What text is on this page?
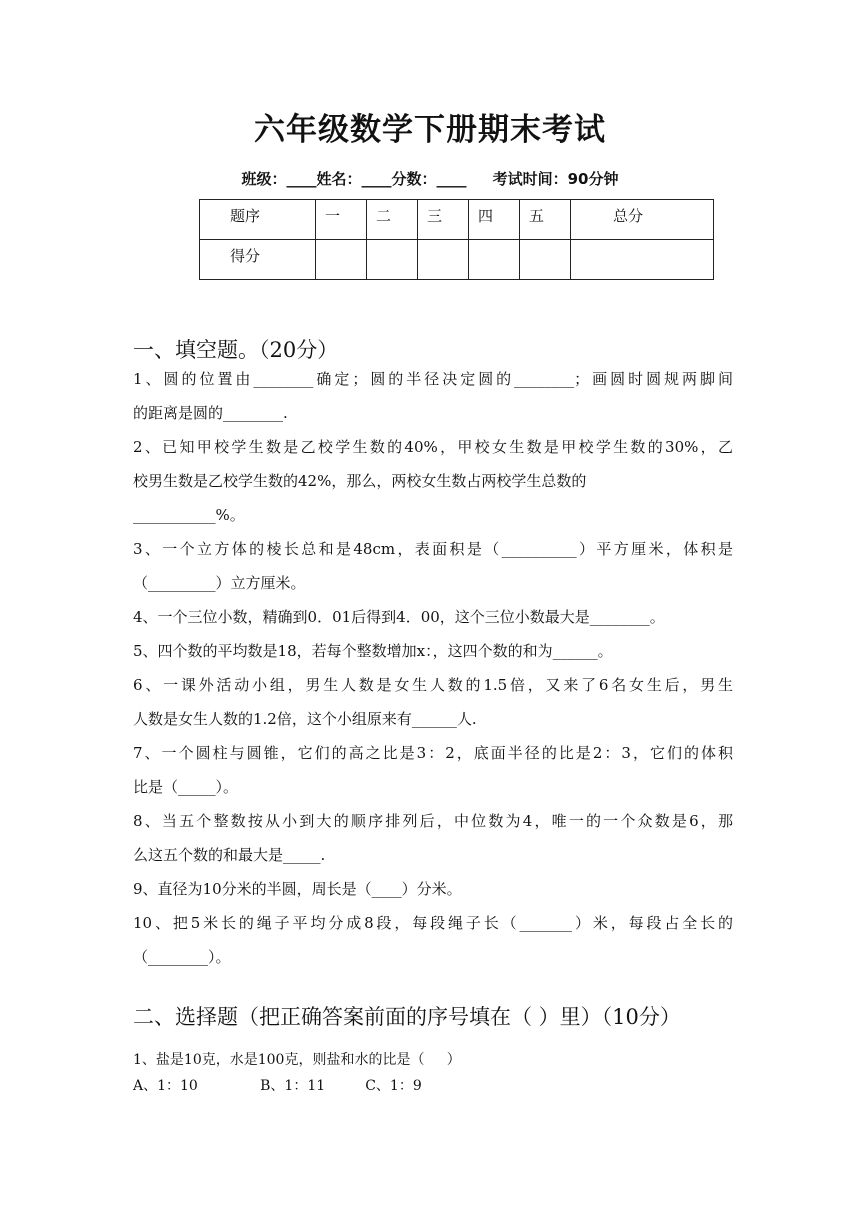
六年级数学下册期末考试
班级：____姓名：____分数：____     考试时间：90分钟
题序	一	二	三	四	五	总分
得分						
一、填空题。（20分）
1、圆的位置由________确定；圆的半径决定圆的________；画圆时圆规两脚间
的距离是圆的________.
2、已知甲校学生数是乙校学生数的40%，甲校女生数是甲校学生数的30%，乙
校男生数是乙校学生数的42%，那么，两校女生数占两校学生总数的
___________%。
3、一个立方体的棱长总和是48cm，表面积是（__________）平方厘米，体积是
（_________）立方厘米。
4、一个三位小数，精确到0．01后得到4．00，这个三位小数最大是________。
5、四个数的平均数是18，若每个整数增加x：，这四个数的和为______。
6、一课外活动小组，男生人数是女生人数的1.5倍，又来了6名女生后，男生
人数是女生人数的1.2倍，这个小组原来有______人.
7、一个圆柱与圆锥，它们的高之比是3：2，底面半径的比是2：3，它们的体积
比是（_____）。
8、当五个整数按从小到大的顺序排列后，中位数为4，唯一的一个众数是6，那
么这五个数的和最大是_____.
9、直径为10分米的半圆，周长是（____）分米。
10、把5米长的绳子平均分成8段，每段绳子长（_______）米，每段占全长的
（________）。
二、选择题（把正确答案前面的序号填在（ ）里）（10分）
1、盐是10克，水是100克，则盐和水的比是（     ）
A、1：10              B、1：11         C、1：9
